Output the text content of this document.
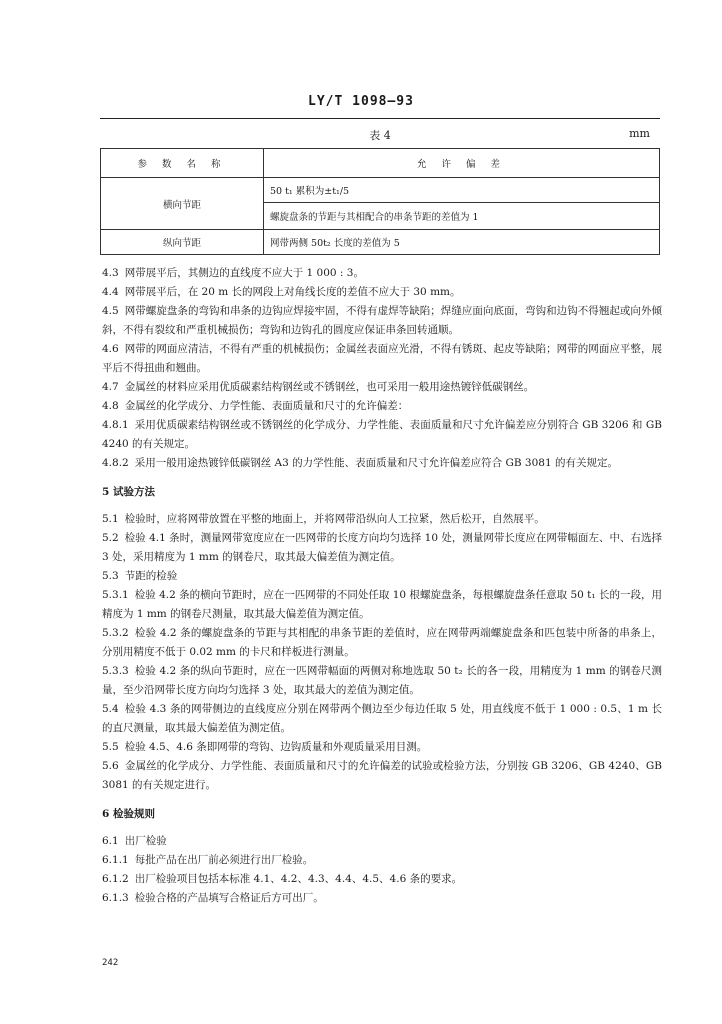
LY/T 1098—93
表 4	mm
参 数 名 称	允 许 偏 差
横向节距	50 t₁ 累积为±t₁/5
	螺旋盘条的节距与其相配合的串条节距的差值为 1
纵向节距	网带两侧 50t₂ 长度的差值为 5

4.3 网带展平后，其侧边的直线度不应大于 1 000 : 3。

4.4 网带展平后，在 20 m 长的网段上对角线长度的差值不应大于 30 mm。

4.5 网带螺旋盘条的弯钩和串条的边钩应焊接牢固，不得有虚焊等缺陷；焊缝应面向底面，弯钩和边钩不得翘起或向外倾斜，不得有裂纹和严重机械损伤；弯钩和边钩孔的圆度应保证串条回转通顺。

4.6 网带的网面应清洁，不得有严重的机械损伤；金属丝表面应光滑，不得有锈斑、起皮等缺陷；网带的网面应平整，展平后不得扭曲和翘曲。

4.7 金属丝的材料应采用优质碳素结构钢丝或不锈钢丝，也可采用一般用途热镀锌低碳钢丝。

4.8 金属丝的化学成分、力学性能、表面质量和尺寸的允许偏差：

4.8.1 采用优质碳素结构钢丝或不锈钢丝的化学成分、力学性能、表面质量和尺寸允许偏差应分别符合 GB 3206 和 GB 4240 的有关规定。

4.8.2 采用一般用途热镀锌低碳钢丝 A3 的力学性能、表面质量和尺寸允许偏差应符合 GB 3081 的有关规定。

5 试验方法

5.1 检验时，应将网带放置在平整的地面上，并将网带沿纵向人工拉紧，然后松开，自然展平。

5.2 检验 4.1 条时，测量网带宽度应在一匹网带的长度方向均匀选择 10 处，测量网带长度应在网带幅面左、中、右选择 3 处，采用精度为 1 mm 的钢卷尺，取其最大偏差值为测定值。

5.3 节距的检验

5.3.1 检验 4.2 条的横向节距时，应在一匹网带的不同处任取 10 根螺旋盘条，每根螺旋盘条任意取 50 t₁ 长的一段，用精度为 1 mm 的钢卷尺测量，取其最大偏差值为测定值。

5.3.2 检验 4.2 条的螺旋盘条的节距与其相配的串条节距的差值时，应在网带两端螺旋盘条和匹包装中所备的串条上，分别用精度不低于 0.02 mm 的卡尺和样板进行测量。

5.3.3 检验 4.2 条的纵向节距时，应在一匹网带幅面的两侧对称地选取 50 t₂ 长的各一段，用精度为 1 mm 的钢卷尺测量，至少沿网带长度方向均匀选择 3 处，取其最大的差值为测定值。

5.4 检验 4.3 条的网带侧边的直线度应分别在网带两个侧边至少每边任取 5 处，用直线度不低于 1 000 : 0.5、1 m 长的直尺测量，取其最大偏差值为测定值。

5.5 检验 4.5、4.6 条即网带的弯钩、边钩质量和外观质量采用目测。

5.6 金属丝的化学成分、力学性能、表面质量和尺寸的允许偏差的试验或检验方法，分别按 GB 3206、GB 4240、GB 3081 的有关规定进行。

6 检验规则

6.1 出厂检验

6.1.1 每批产品在出厂前必须进行出厂检验。

6.1.2 出厂检验项目包括本标准 4.1、4.2、4.3、4.4、4.5、4.6 条的要求。

6.1.3 检验合格的产品填写合格证后方可出厂。

242
